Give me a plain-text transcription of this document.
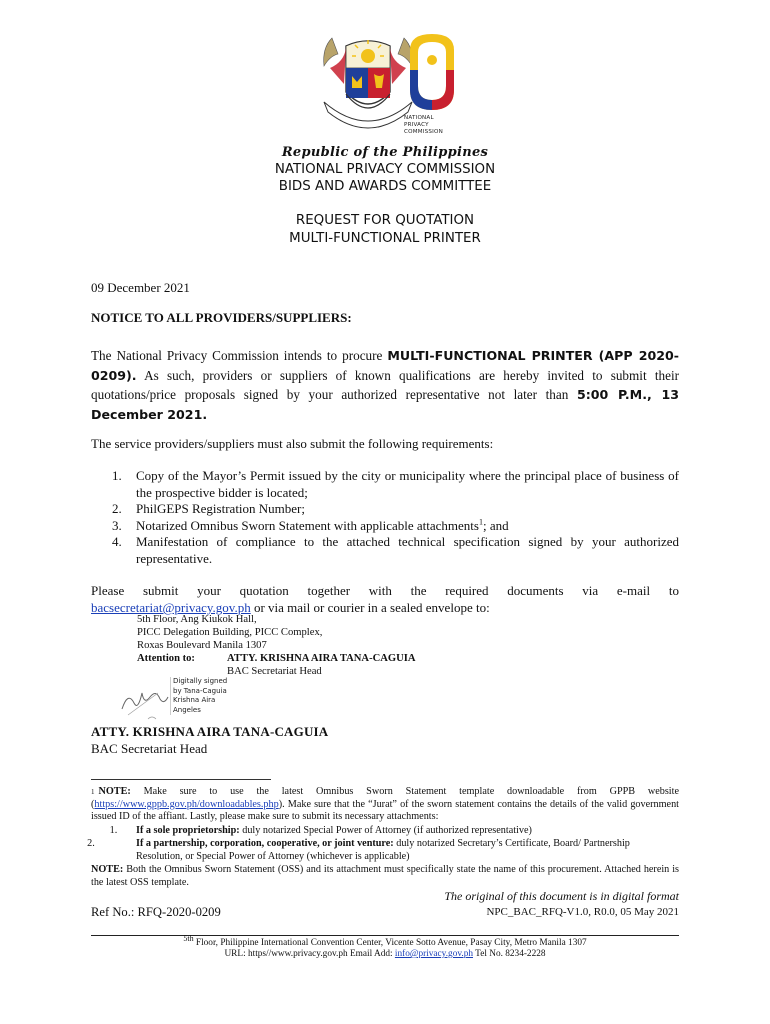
NATIONAL
PRIVACY
COMMISSION
Republic of the Philippines
NATIONAL PRIVACY COMMISSION
BIDS AND AWARDS COMMITTEE
REQUEST FOR QUOTATION
MULTI-FUNCTIONAL PRINTER
09 December 2021
NOTICE TO ALL PROVIDERS/SUPPLIERS:
The National Privacy Commission intends to procure MULTI-FUNCTIONAL PRINTER (APP 2020-0209). As such, providers or suppliers of known qualifications are hereby invited to submit their quotations/price proposals signed by your authorized representative not later than 5:00 P.M., 13 December 2021.
The service providers/suppliers must also submit the following requirements:
1. Copy of the Mayor’s Permit issued by the city or municipality where the principal place of business of the prospective bidder is located;
2. PhilGEPS Registration Number;
3. Notarized Omnibus Sworn Statement with applicable attachments$^1$; and
4. Manifestation of compliance to the attached technical specification signed by your authorized representative.
Please submit your quotation together with the required documents via e-mail to
bacsecretariat@privacy.gov.ph or via mail or courier in a sealed envelope to:
5th Floor, Ang Kiukok Hall,
PICC Delegation Building, PICC Complex,
Roxas Boulevard Manila 1307
Attention to:	ATTY. KRISHNA AIRA TANA-CAGUIA
BAC Secretariat Head
Digitally signed
by Tana-Caguia
Krishna Aira
Angeles
ATTY. KRISHNA AIRA TANA-CAGUIA
BAC Secretariat Head
$^1$ NOTE: Make sure to use the latest Omnibus Sworn Statement template downloadable from GPPB website (https://www.gppb.gov.ph/downloadables.php). Make sure that the “Jurat” of the sworn statement contains the details of the valid government issued ID of the affiant. Lastly, please make sure to submit its necessary attachments:
1. If a sole proprietorship: duly notarized Special Power of Attorney (if authorized representative)
2.	If a partnership, corporation, cooperative, or joint venture: duly notarized Secretary’s Certificate, Board/ Partnership Resolution, or Special Power of Attorney (whichever is applicable)
NOTE: Both the Omnibus Sworn Statement (OSS) and its attachment must specifically state the name of this procurement. Attached herein is the latest OSS template.
The original of this document is in digital format
Ref No.: RFQ-2020-0209	NPC_BAC_RFQ-V1.0, R0.0, 05 May 2021
$^{5th}$ Floor, Philippine International Convention Center, Vicente Sotto Avenue, Pasay City, Metro Manila 1307
URL: https//www.privacy.gov.ph Email Add: info@privacy.gov.ph Tel No. 8234-2228
